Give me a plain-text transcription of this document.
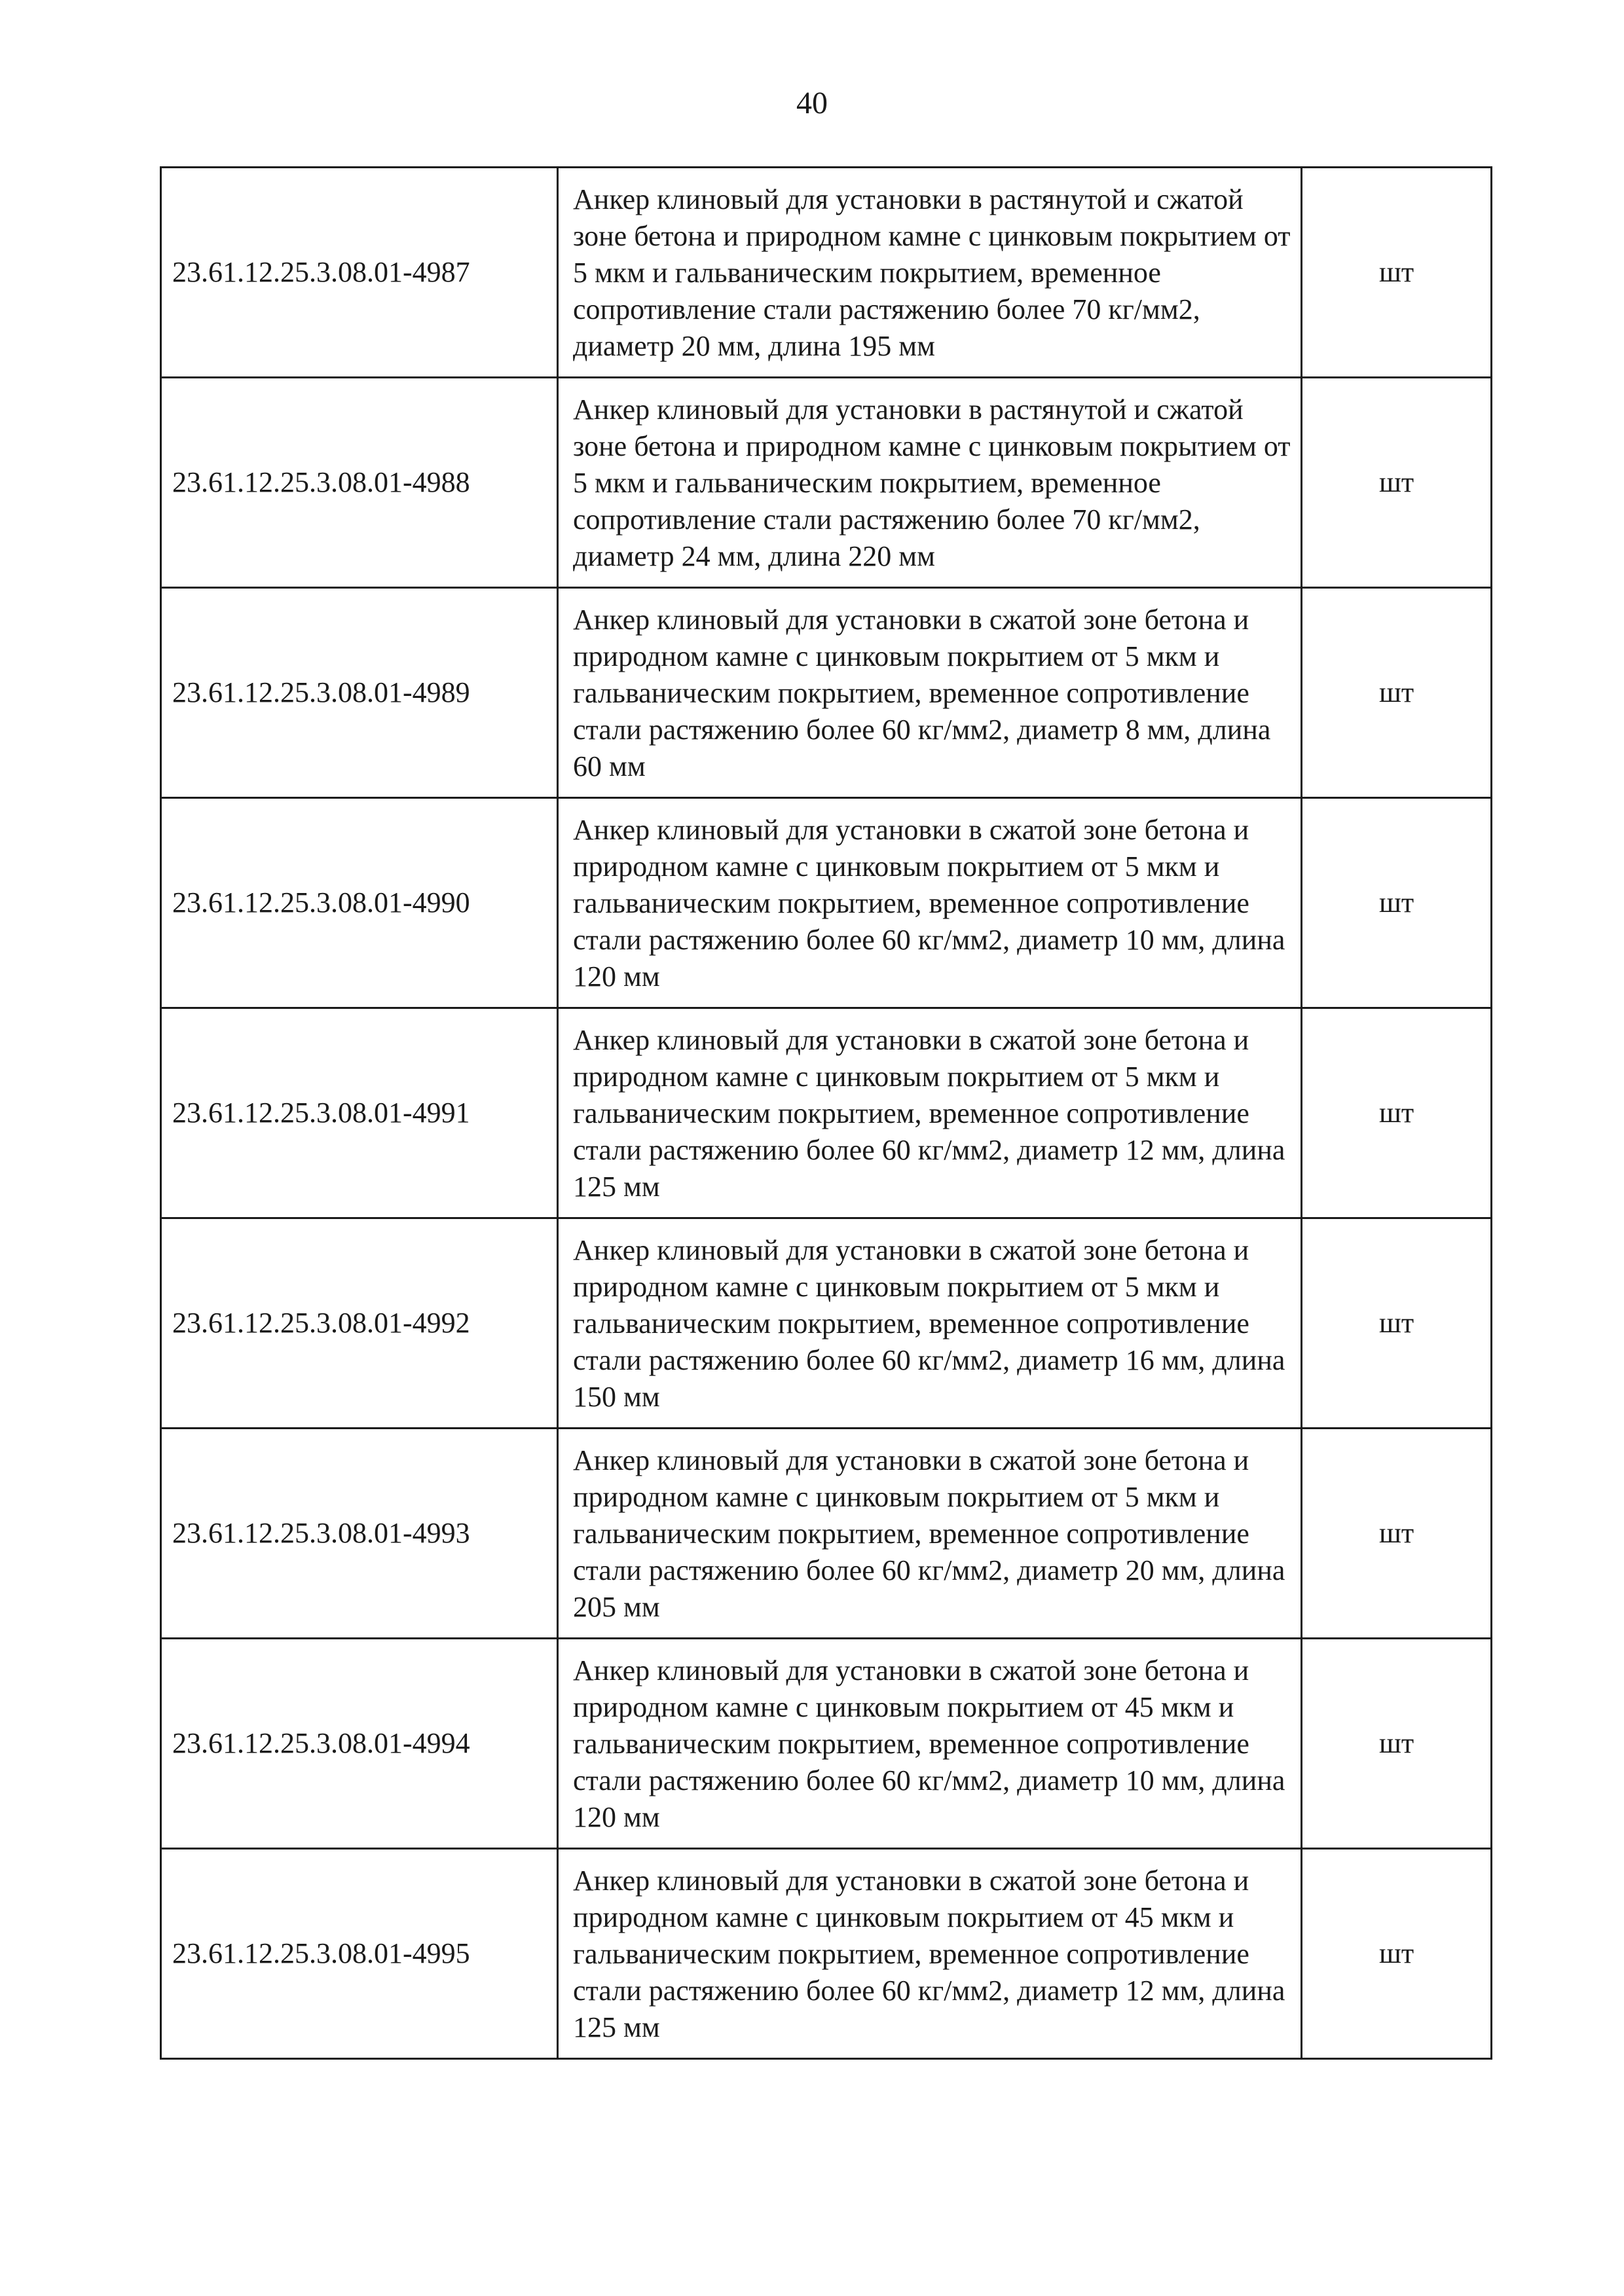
40
23.61.12.25.3.08.01-4987	Анкер клиновый для установки в растянутой и сжатой зоне бетона и природном камне с цинковым покрытием от 5 мкм и гальваническим покрытием, временное сопротивление стали растяжению более 70 кг/мм2, диаметр 20 мм, длина 195 мм	шт
23.61.12.25.3.08.01-4988	Анкер клиновый для установки в растянутой и сжатой зоне бетона и природном камне с цинковым покрытием от 5 мкм и гальваническим покрытием, временное сопротивление стали растяжению более 70 кг/мм2, диаметр 24 мм, длина 220 мм	шт
23.61.12.25.3.08.01-4989	Анкер клиновый для установки в сжатой зоне бетона и природном камне с цинковым покрытием от 5 мкм и гальваническим покрытием, временное сопротивление стали растяжению более 60 кг/мм2, диаметр 8 мм, длина 60 мм	шт
23.61.12.25.3.08.01-4990	Анкер клиновый для установки в сжатой зоне бетона и природном камне с цинковым покрытием от 5 мкм и гальваническим покрытием, временное сопротивление стали растяжению более 60 кг/мм2, диаметр 10 мм, длина 120 мм	шт
23.61.12.25.3.08.01-4991	Анкер клиновый для установки в сжатой зоне бетона и природном камне с цинковым покрытием от 5 мкм и гальваническим покрытием, временное сопротивление стали растяжению более 60 кг/мм2, диаметр 12 мм, длина 125 мм	шт
23.61.12.25.3.08.01-4992	Анкер клиновый для установки в сжатой зоне бетона и природном камне с цинковым покрытием от 5 мкм и гальваническим покрытием, временное сопротивление стали растяжению более 60 кг/мм2, диаметр 16 мм, длина 150 мм	шт
23.61.12.25.3.08.01-4993	Анкер клиновый для установки в сжатой зоне бетона и природном камне с цинковым покрытием от 5 мкм и гальваническим покрытием, временное сопротивление стали растяжению более 60 кг/мм2, диаметр 20 мм, длина 205 мм	шт
23.61.12.25.3.08.01-4994	Анкер клиновый для установки в сжатой зоне бетона и природном камне с цинковым покрытием от 45 мкм и гальваническим покрытием, временное сопротивление стали растяжению более 60 кг/мм2, диаметр 10 мм, длина 120 мм	шт
23.61.12.25.3.08.01-4995	Анкер клиновый для установки в сжатой зоне бетона и природном камне с цинковым покрытием от 45 мкм и гальваническим покрытием, временное сопротивление стали растяжению более 60 кг/мм2, диаметр 12 мм, длина 125 мм	шт
